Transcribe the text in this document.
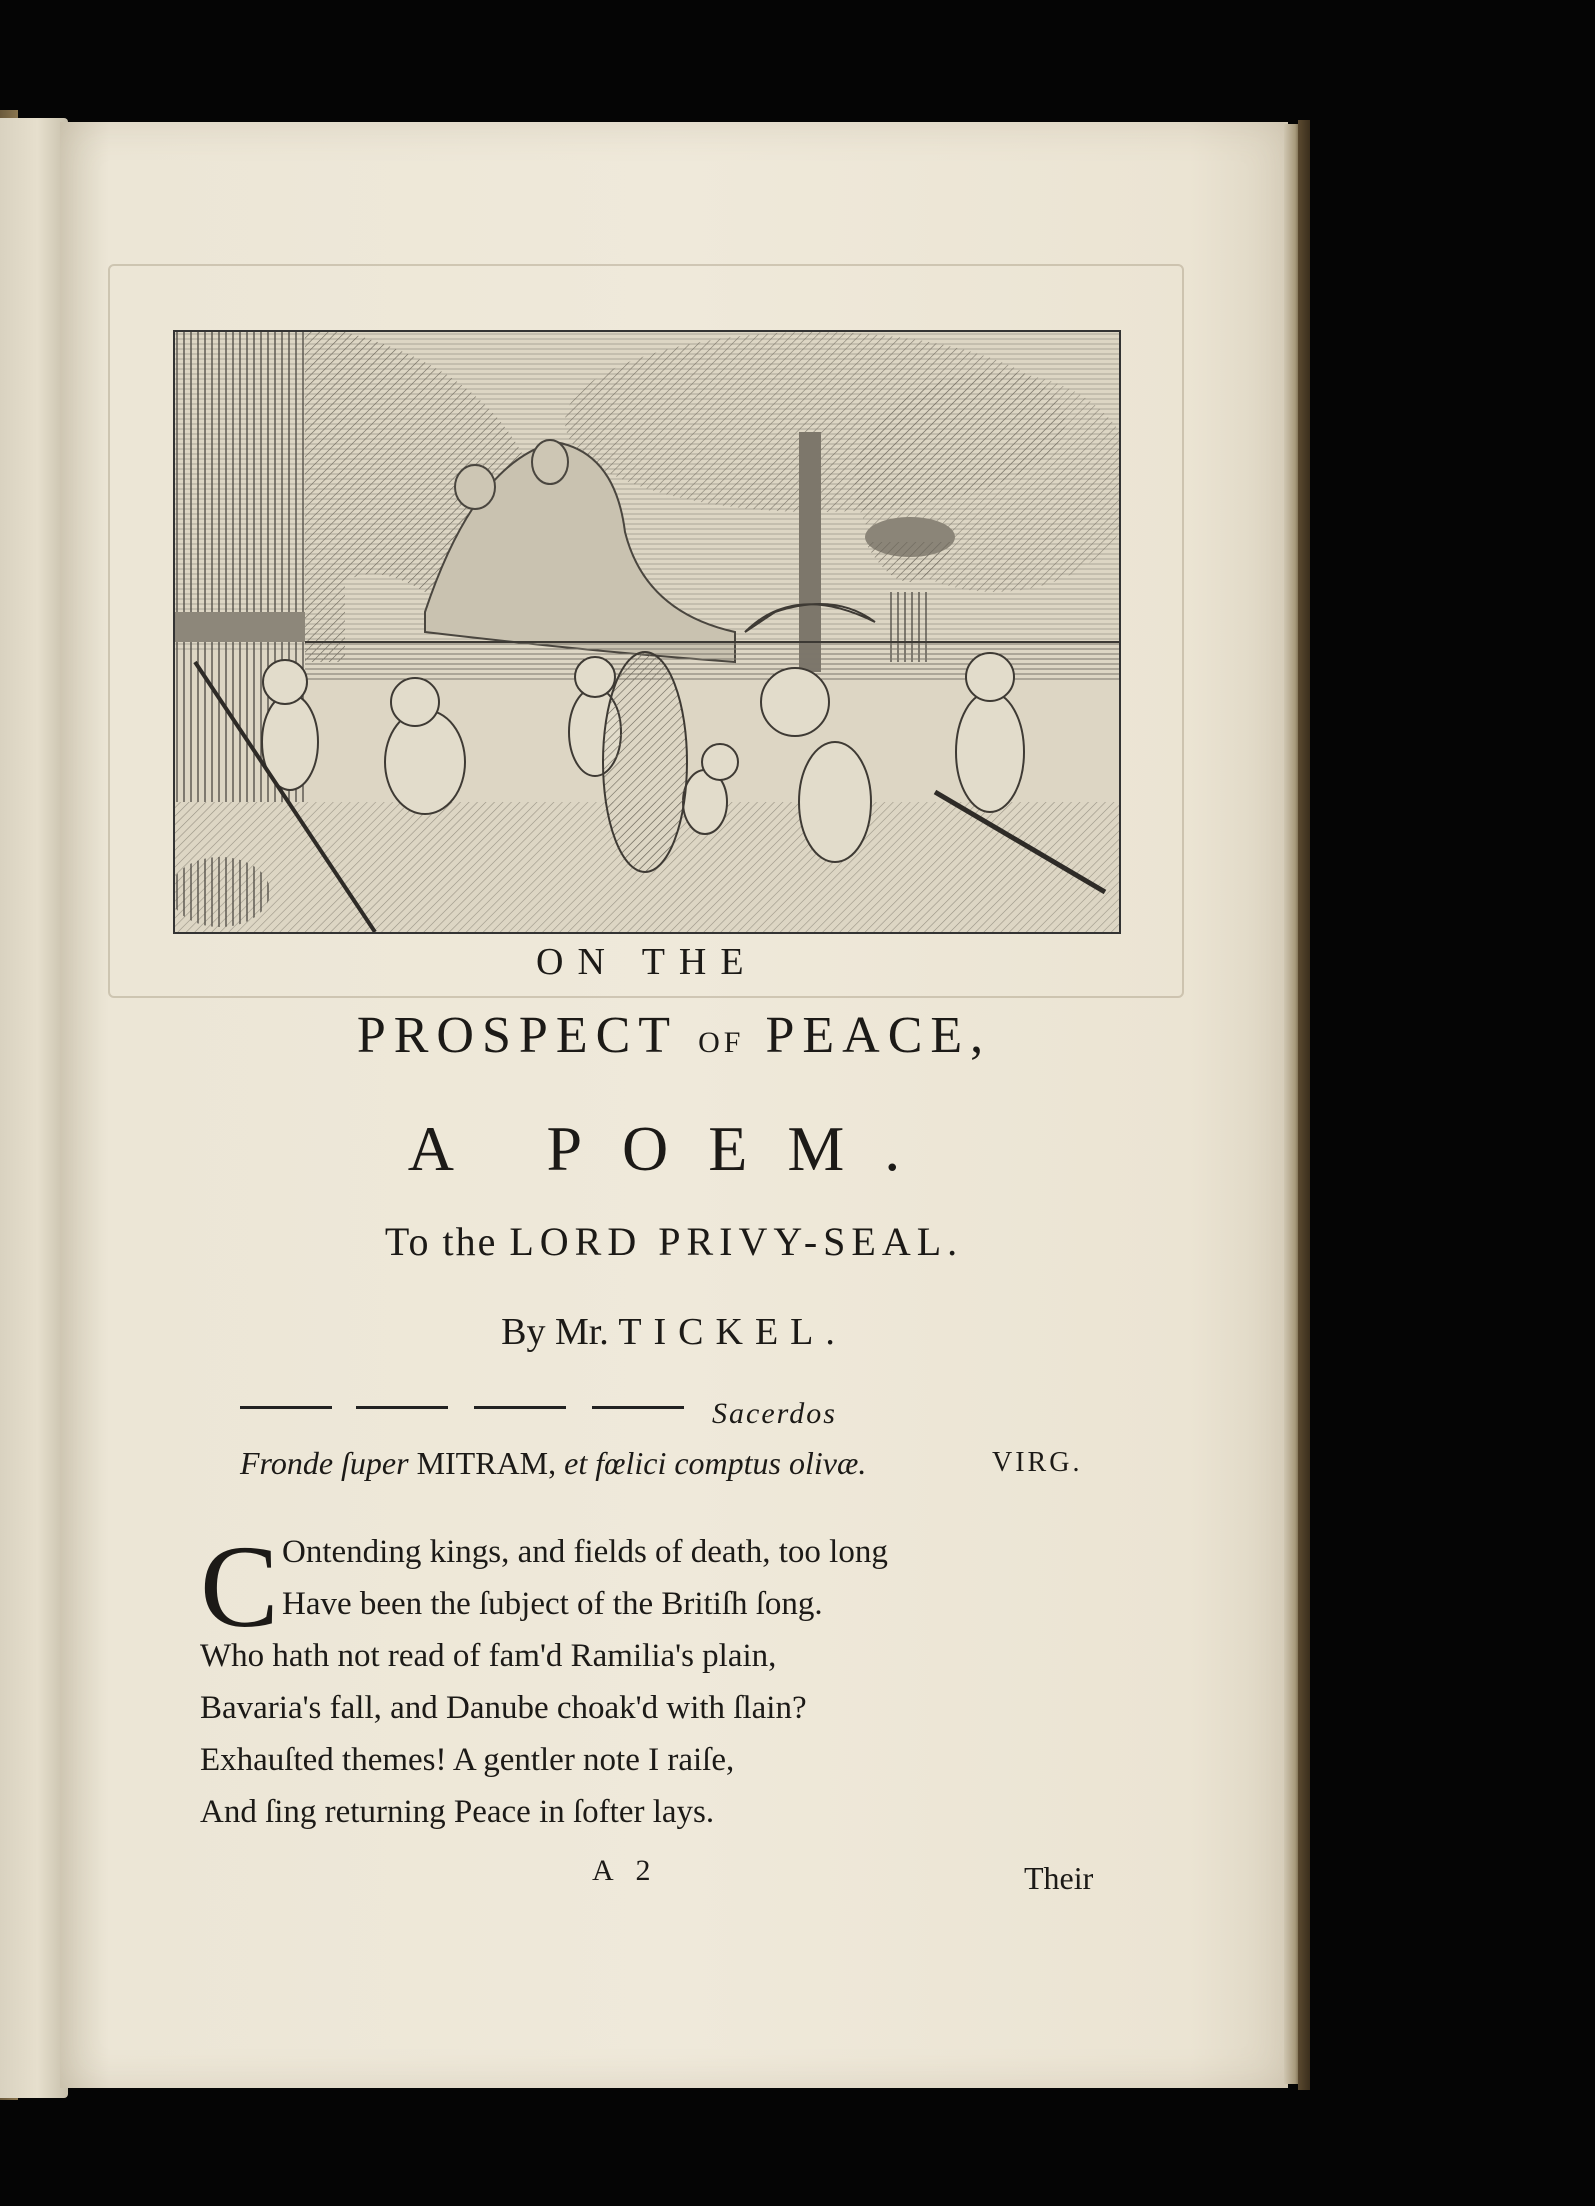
ON THE
PROSPECT OF PEACE,
A POEM.
To the LORD PRIVY-SEAL.
By Mr. TICKEL.
Sacerdos
Fronde ſuper MITRAM, et fœlici comptus olivæ.	VIRG.
C Ontending kings, and fields of death, too long
Have been the ſubject of the Britiſh ſong.
Who hath not read of fam'd Ramilia's plain,
Bavaria's fall, and Danube choak'd with ſlain?
Exhauſted themes! A gentler note I raiſe,
And ſing returning Peace in ſofter lays.
A 2	Their
